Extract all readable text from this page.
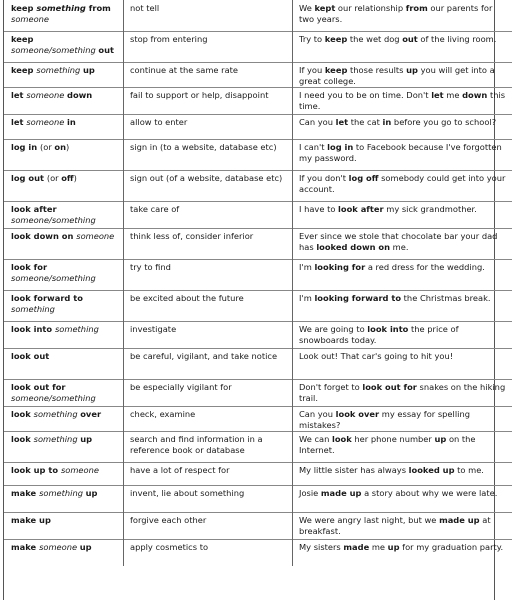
keep something from someone	not tell	We kept our relationship from our parents for two years.
keep someone/something out	stop from entering	Try to keep the wet dog out of the living room.
keep something up	continue at the same rate	If you keep those results up you will get into a great college.
let someone down	fail to support or help, disappoint	I need you to be on time. Don't let me down this time.
let someone in	allow to enter	Can you let the cat in before you go to school?
log in (or on)	sign in (to a website, database etc)	I can't log in to Facebook because I've forgotten my password.
log out (or off)	sign out (of a website, database etc)	If you don't log off somebody could get into your account.
look after someone/something	take care of	I have to look after my sick grandmother.
look down on someone	think less of, consider inferior	Ever since we stole that chocolate bar your dad has looked down on me.
look for someone/something	try to find	I'm looking for a red dress for the wedding.
look forward to something	be excited about the future	I'm looking forward to the Christmas break.
look into something	investigate	We are going to look into the price of snowboards today.
look out	be careful, vigilant, and take notice	Look out! That car's going to hit you!
look out for someone/something	be especially vigilant for	Don't forget to look out for snakes on the hiking trail.
look something over	check, examine	Can you look over my essay for spelling mistakes?
look something up	search and find information in a reference book or database	We can look her phone number up on the Internet.
look up to someone	have a lot of respect for	My little sister has always looked up to me.
make something up	invent, lie about something	Josie made up a story about why we were late.
make up	forgive each other	We were angry last night, but we made up at breakfast.
make someone up	apply cosmetics to	My sisters made me up for my graduation party.
